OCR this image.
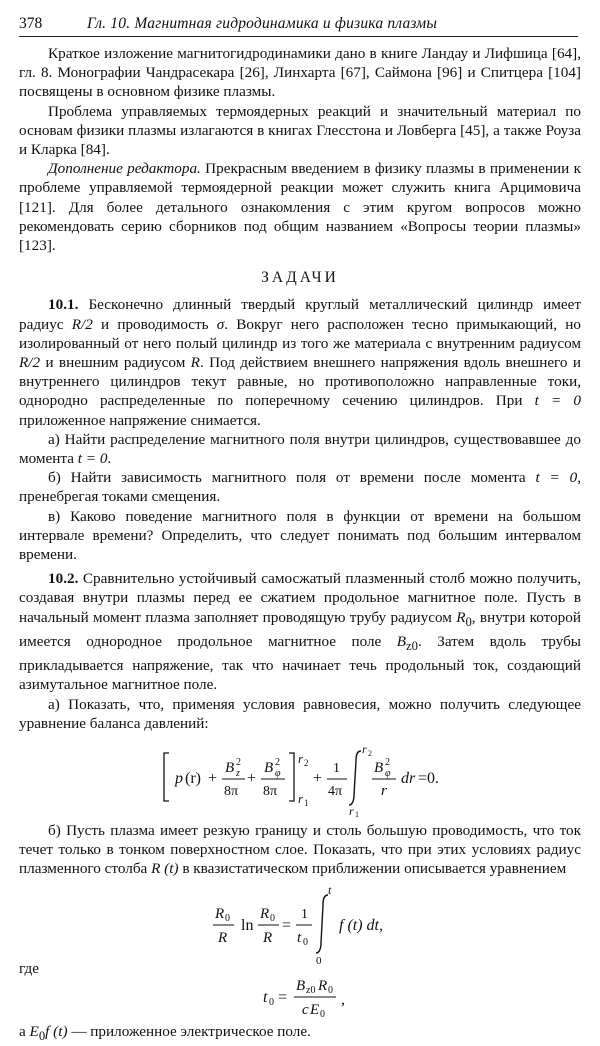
378	Гл. 10. Магнитная гидродинамика и физика плазмы

Краткое изложение магнитогидродинамики дано в книге Ландау и Лифшица [64], гл. 8. Монографии Чандрасекара [26], Линхарта [67], Саймона [96] и Спитцера [104] посвящены в основном физике плазмы.

Проблема управляемых термоядерных реакций и значительный материал по основам физики плазмы излагаются в книгах Глесстона и Ловберга [45], а также Роуза и Кларка [84].

Дополнение редактора. Прекрасным введением в физику плазмы в применении к проблеме управляемой термоядерной реакции может служить книга Арцимовича [121]. Для более детального ознакомления с этим кругом вопросов можно рекомендовать серию сборников под общим названием «Вопросы теории плазмы» [123].

ЗАДАЧИ

10.1. Бесконечно длинный твердый круглый металлический цилиндр имеет радиус R/2 и проводимость σ. Вокруг него расположен тесно примыкающий, но изолированный от него полый цилиндр из того же материала с внутренним радиусом R/2 и внешним радиусом R. Под действием внешнего напряжения вдоль внешнего и внутреннего цилиндров текут равные, но противоположно направленные токи, однородно распределенные по поперечному сечению цилиндров. При t = 0 приложенное напряжение снимается.

а) Найти распределение магнитного поля внутри цилиндров, существовавшее до момента t = 0.

б) Найти зависимость магнитного поля от времени после момента t = 0, пренебрегая токами смещения.

в) Каково поведение магнитного поля в функции от времени на большом интервале времени? Определить, что следует понимать под большим интервалом времени.

10.2. Сравнительно устойчивый самосжатый плазменный столб можно получить, создавая внутри плазмы перед ее сжатием продольное магнитное поле. Пусть в начальный момент плазма заполняет проводящую трубу радиусом $R_0$, внутри которой имеется однородное продольное магнитное поле $B_{z0}$. Затем вдоль трубы прикладывается напряжение, так что начинает течь продольный ток, создающий азимутальное магнитное поле.

а) Показать, что, применяя условия равновесия, можно получить следующее уравнение баланса давлений:

p (r) +
B 2
z
8π
+
B 2
φ
8π
r 2
r 1
+
1
4π
r 2
r 1
B 2
φ
r
dr =0.

б) Пусть плазма имеет резкую границу и столь большую проводимость, что ток течет только в тонком поверхностном слое. Показать, что при этих условиях радиус плазменного столба R (t) в квазистатическом приближении описывается уравнением

R 0
R
ln
R 0
R
=
1
t 0
t
0
f (t) dt,

где

t 0 =
B z0 R 0
c E 0
,

а $E_0f$ (t) — приложенное электрическое поле.
